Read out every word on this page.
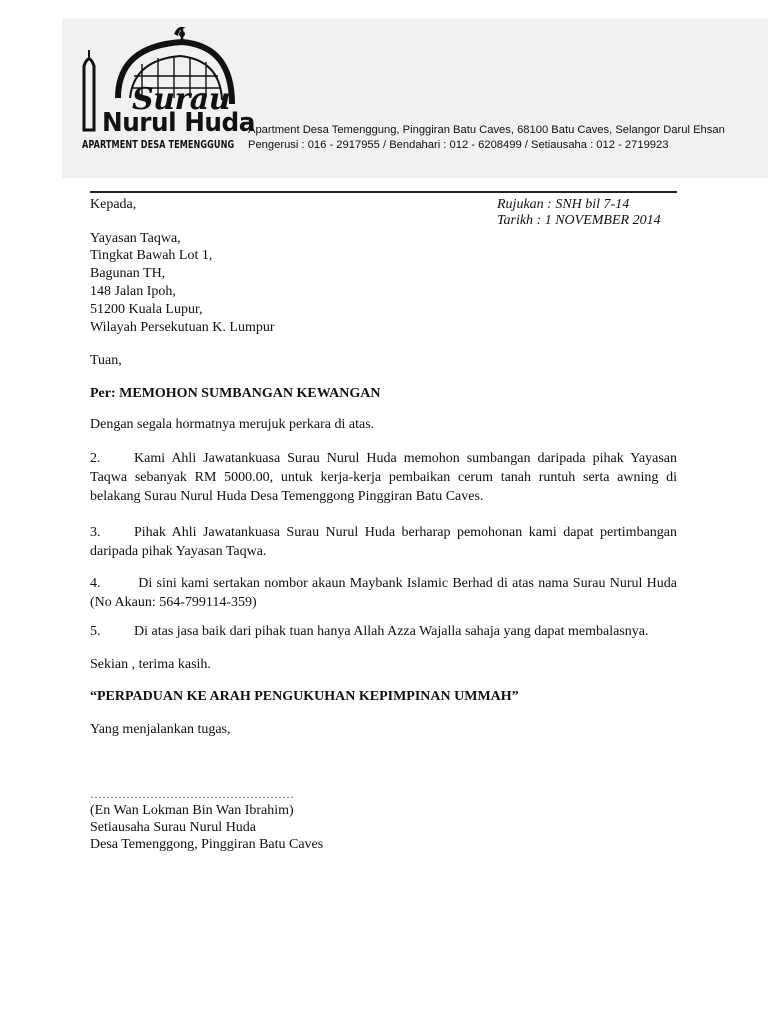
Surau
Nurul Huda
APARTMENT DESA TEMENGGUNG
Apartment Desa Temenggung, Pinggiran Batu Caves, 68100 Batu Caves, Selangor Darul Ehsan
Pengerusi : 016 - 2917955 / Bendahari : 012 - 6208499 / Setiausaha : 012 - 2719923
Kepada,	Rujukan : SNH bil 7-14
Tarikh : 1 NOVEMBER 2014
Yayasan Taqwa,
Tingkat Bawah Lot 1,
Bagunan TH,
148 Jalan Ipoh,
51200 Kuala Lupur,
Wilayah Persekutuan K. Lumpur
Tuan,
Per: MEMOHON SUMBANGAN KEWANGAN
Dengan segala hormatnya merujuk perkara di atas.
2. Kami Ahli Jawatankuasa Surau Nurul Huda memohon sumbangan daripada pihak Yayasan Taqwa sebanyak RM 5000.00, untuk kerja-kerja pembaikan cerum tanah runtuh serta awning di belakang Surau Nurul Huda Desa Temenggong Pinggiran Batu Caves.
3. Pihak Ahli Jawatankuasa Surau Nurul Huda berharap pemohonan kami dapat pertimbangan daripada pihak Yayasan Taqwa.
4. Di sini kami sertakan nombor akaun Maybank Islamic Berhad di atas nama Surau Nurul Huda (No Akaun: 564-799114-359)
5. Di atas jasa baik dari pihak tuan hanya Allah Azza Wajalla sahaja yang dapat membalasnya.
Sekian , terima kasih.
“PERPADUAN KE ARAH PENGUKUHAN KEPIMPINAN UMMAH”
Yang menjalankan tugas,
……………………………………………
(En Wan Lokman Bin Wan Ibrahim)
Setiausaha Surau Nurul Huda
Desa Temenggong, Pinggiran Batu Caves
